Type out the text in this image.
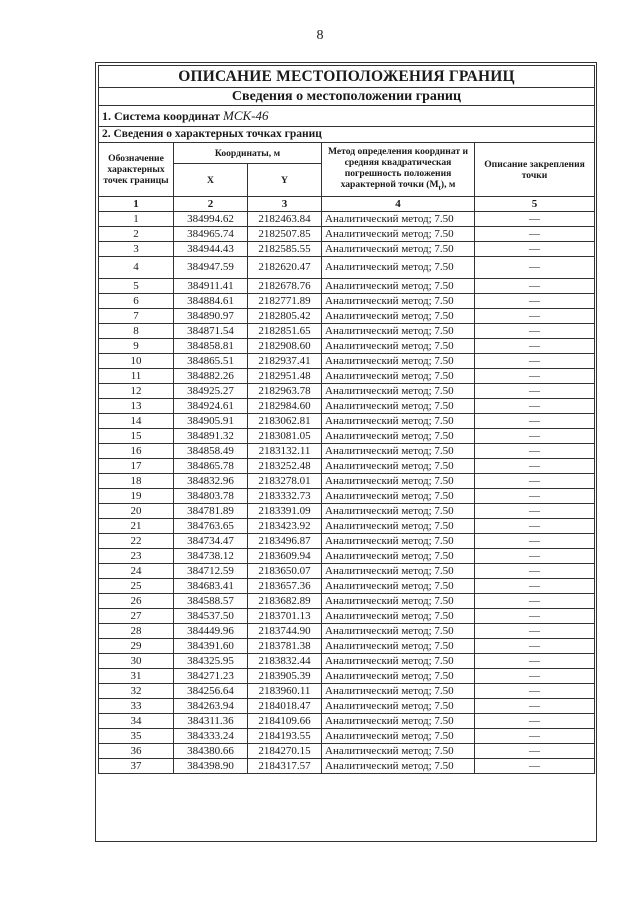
8
ОПИСАНИЕ МЕСТОПОЛОЖЕНИЯ ГРАНИЦ				
Сведения о местоположении границ				
1. Система координат МСК-46				
2. Сведения о характерных точках границ				
Обозначение характерных точек границы	Координаты, м		Метод определения координат и средняя квадратическая погрешность положения характерной точки $(M_t)$, м	Описание закрепления точки
	X	Y		
1	2	3	4	5
1	384994.62	2182463.84	Аналитический метод; 7.50	—
2	384965.74	2182507.85	Аналитический метод; 7.50	—
3	384944.43	2182585.55	Аналитический метод; 7.50	—
4	384947.59	2182620.47	Аналитический метод; 7.50	—
5	384911.41	2182678.76	Аналитический метод; 7.50	—
6	384884.61	2182771.89	Аналитический метод; 7.50	—
7	384890.97	2182805.42	Аналитический метод; 7.50	—
8	384871.54	2182851.65	Аналитический метод; 7.50	—
9	384858.81	2182908.60	Аналитический метод; 7.50	—
10	384865.51	2182937.41	Аналитический метод; 7.50	—
11	384882.26	2182951.48	Аналитический метод; 7.50	—
12	384925.27	2182963.78	Аналитический метод; 7.50	—
13	384924.61	2182984.60	Аналитический метод; 7.50	—
14	384905.91	2183062.81	Аналитический метод; 7.50	—
15	384891.32	2183081.05	Аналитический метод; 7.50	—
16	384858.49	2183132.11	Аналитический метод; 7.50	—
17	384865.78	2183252.48	Аналитический метод; 7.50	—
18	384832.96	2183278.01	Аналитический метод; 7.50	—
19	384803.78	2183332.73	Аналитический метод; 7.50	—
20	384781.89	2183391.09	Аналитический метод; 7.50	—
21	384763.65	2183423.92	Аналитический метод; 7.50	—
22	384734.47	2183496.87	Аналитический метод; 7.50	—
23	384738.12	2183609.94	Аналитический метод; 7.50	—
24	384712.59	2183650.07	Аналитический метод; 7.50	—
25	384683.41	2183657.36	Аналитический метод; 7.50	—
26	384588.57	2183682.89	Аналитический метод; 7.50	—
27	384537.50	2183701.13	Аналитический метод; 7.50	—
28	384449.96	2183744.90	Аналитический метод; 7.50	—
29	384391.60	2183781.38	Аналитический метод; 7.50	—
30	384325.95	2183832.44	Аналитический метод; 7.50	—
31	384271.23	2183905.39	Аналитический метод; 7.50	—
32	384256.64	2183960.11	Аналитический метод; 7.50	—
33	384263.94	2184018.47	Аналитический метод; 7.50	—
34	384311.36	2184109.66	Аналитический метод; 7.50	—
35	384333.24	2184193.55	Аналитический метод; 7.50	—
36	384380.66	2184270.15	Аналитический метод; 7.50	—
37	384398.90	2184317.57	Аналитический метод; 7.50	—
